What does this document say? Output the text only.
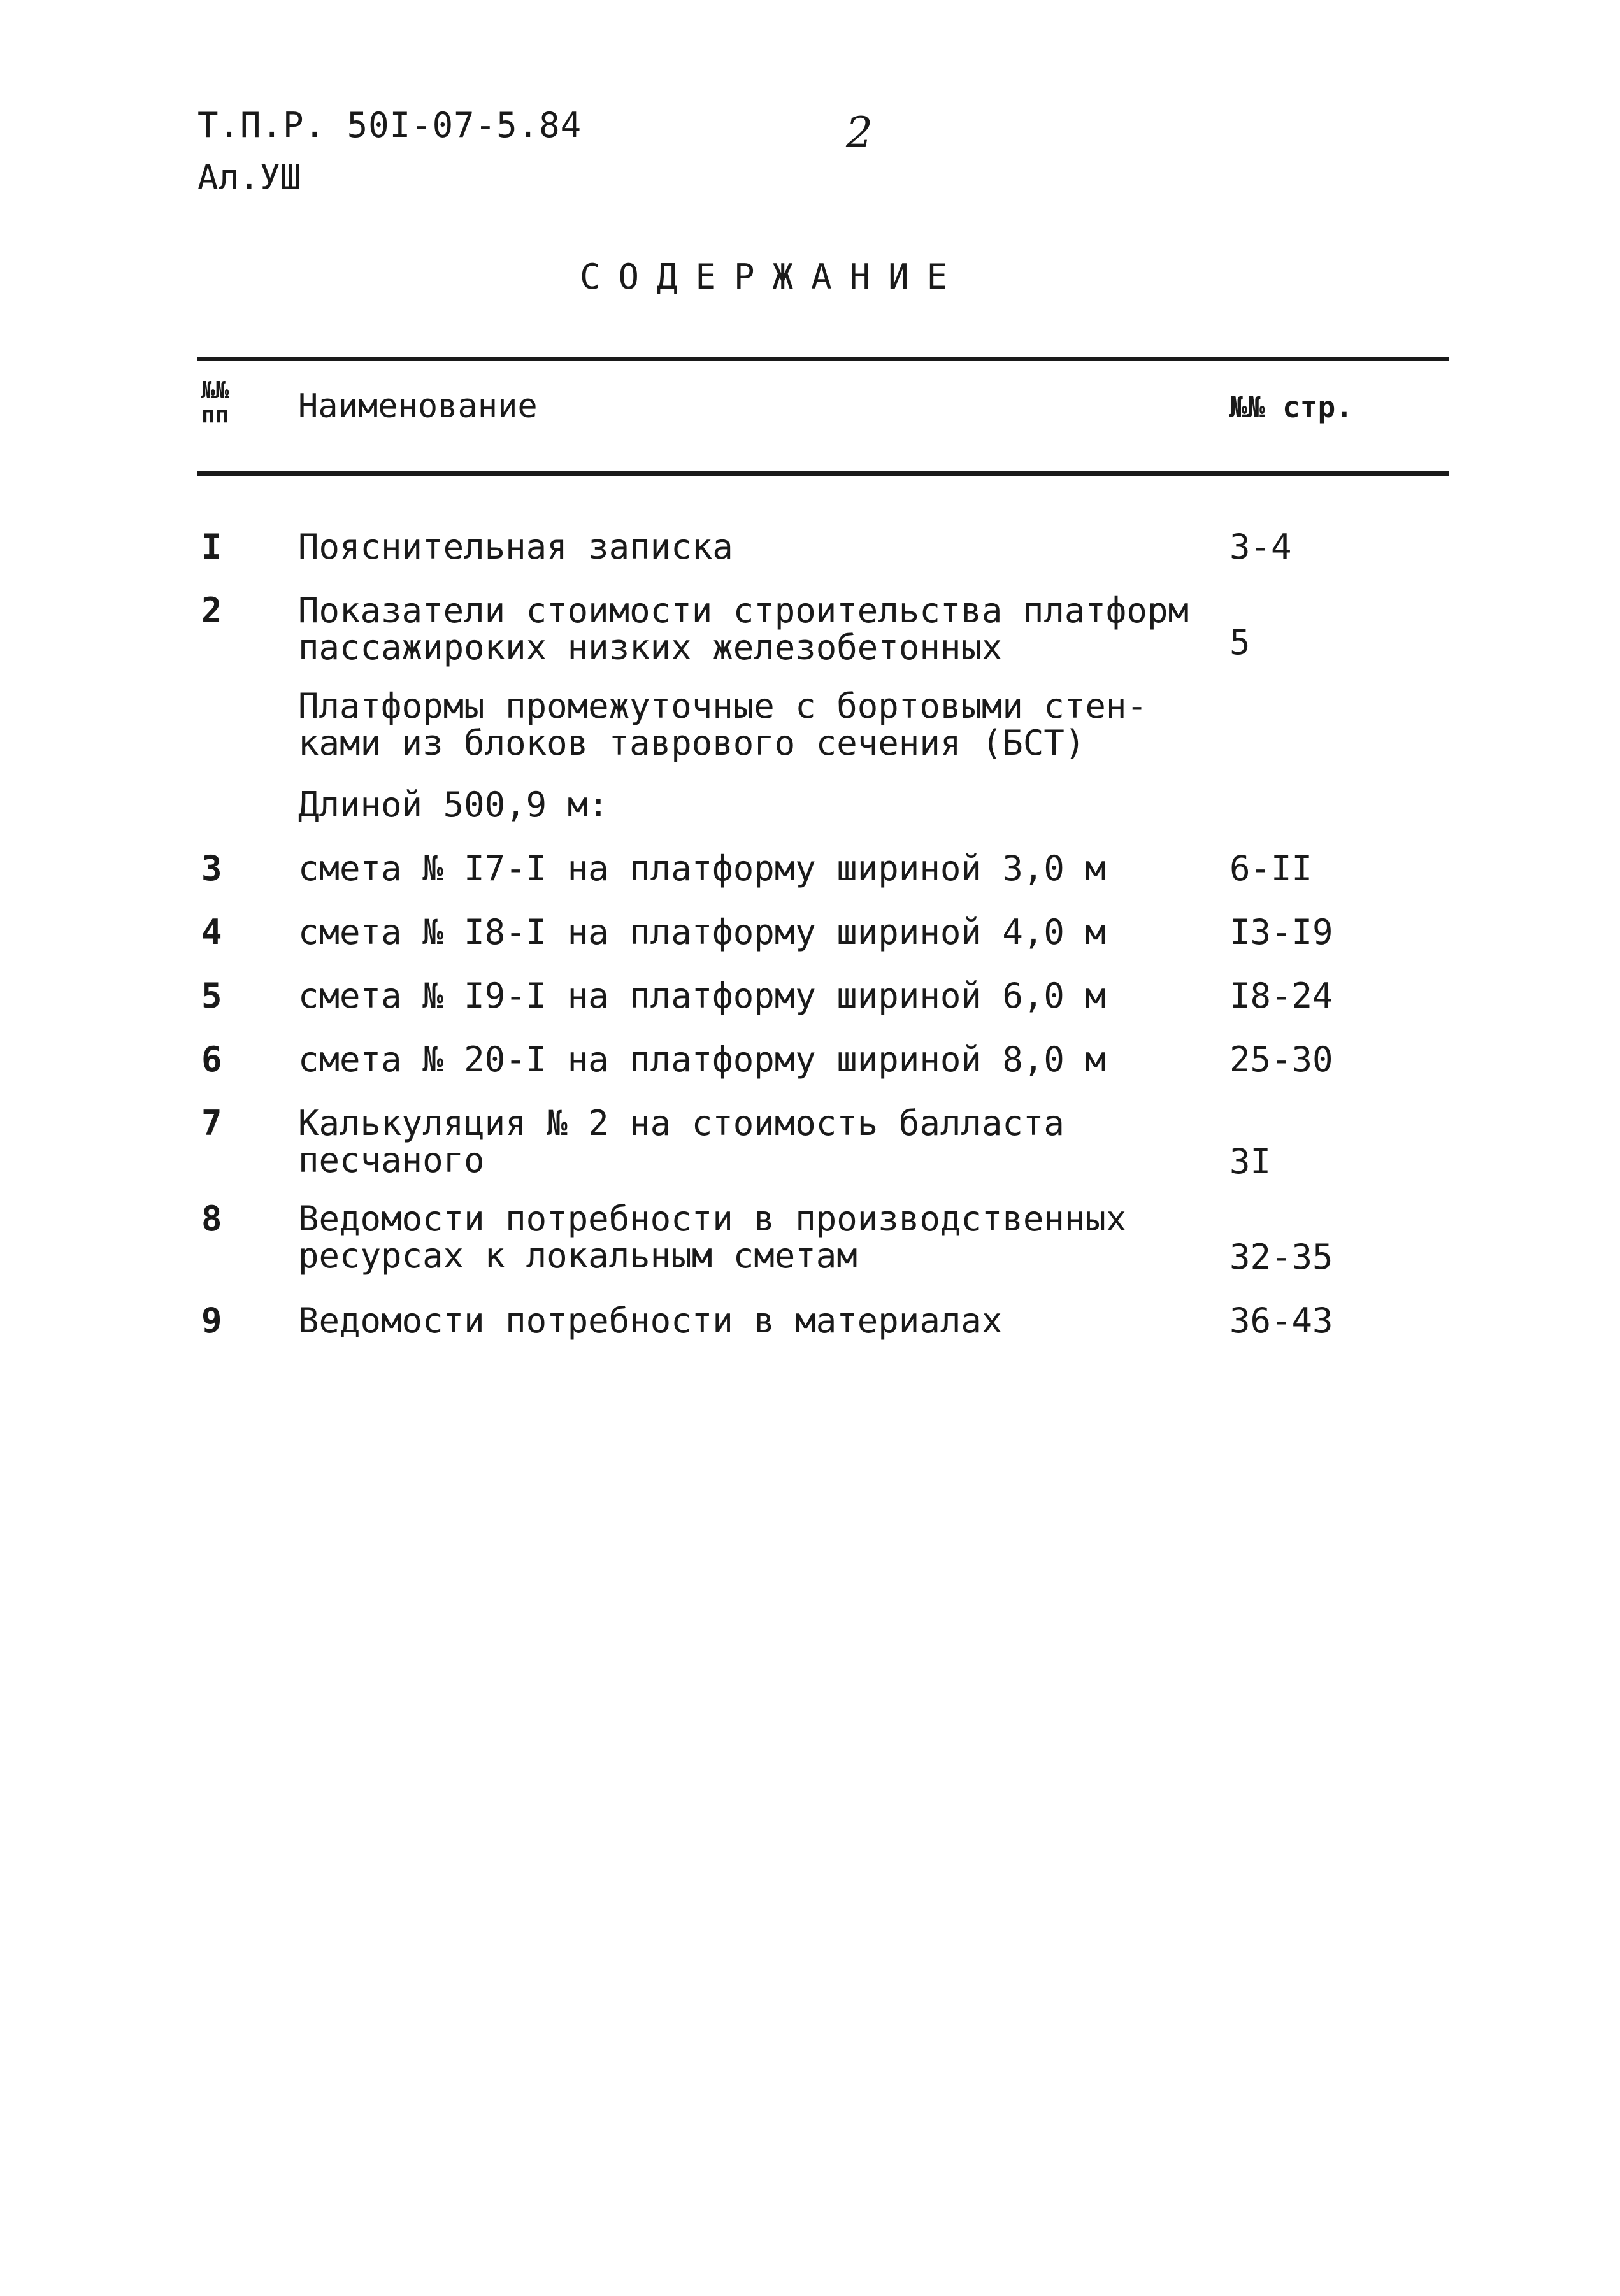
Т.П.Р. 50I-07-5.84
Ал.УШ
2
СОДЕРЖАНИЕ
№№
пп Наименование	№№ стр.
I Пояснительная записка	3-4
2 Показатели стоимости строительства платформ
пассажироких низких железобетонных	5
Платформы промежуточные с бортовыми стен-
ками из блоков таврового сечения (БСТ)
Длиной 500,9 м:
3 смета № I7-I на платформу шириной 3,0 м	6-II
4 смета № I8-I на платформу шириной 4,0 м	I3-I9
5 смета № I9-I на платформу шириной 6,0 м	I8-24
6 смета № 20-I на платформу шириной 8,0 м	25-30
7 Калькуляция № 2 на стоимость балласта
песчаного	3I
8 Ведомости потребности в производственных
ресурсах к локальным сметам	32-35
9 Ведомости потребности в материалах	36-43
